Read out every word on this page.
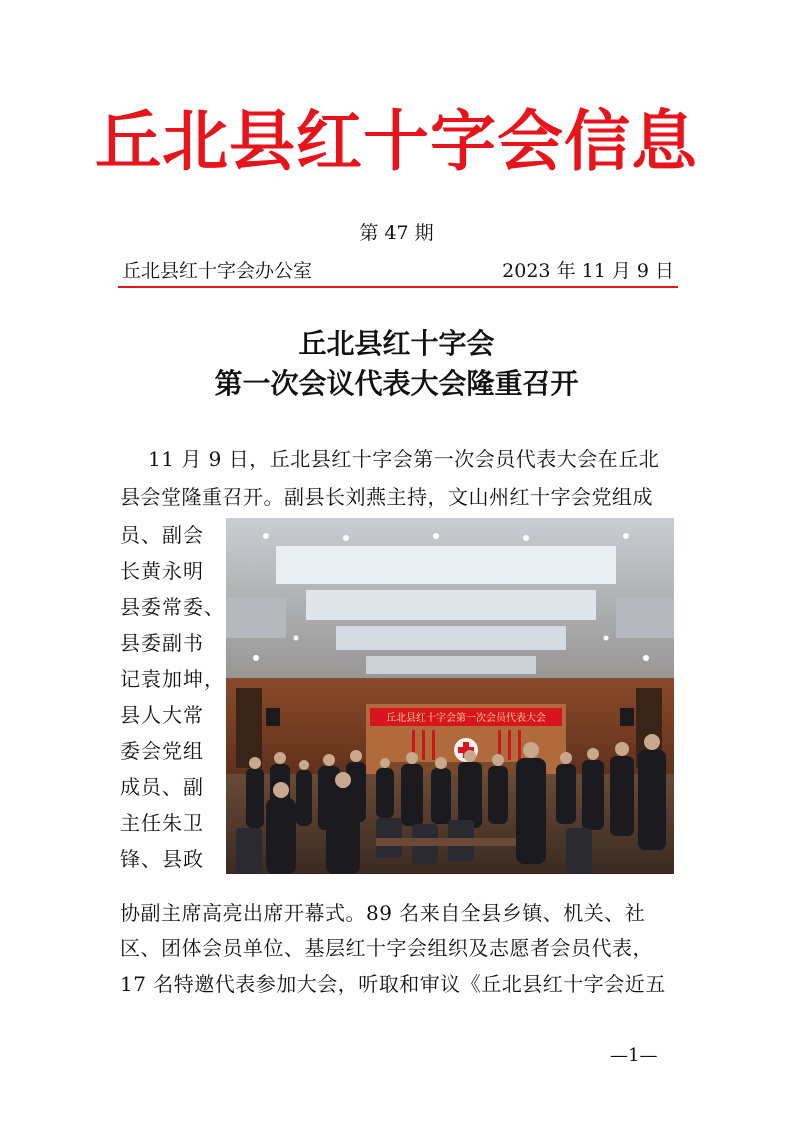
丘北县红十字会信息
第 47 期
丘北县红十字会办公室	2023 年 11 月 9 日
丘北县红十字会
第一次会议代表大会隆重召开
11 月 9 日，丘北县红十字会第一次会员代表大会在丘北
县会堂隆重召开。副县长刘燕主持，文山州红十字会党组成
员、副会
长黄永明
县委常委、
县委副书
记袁加坤，
县人大常
委会党组
成员、副
主任朱卫
锋、县政
丘北县红十字会第一次会员代表大会
协副主席高亮出席开幕式。89 名来自全县乡镇、机关、社
区、团体会员单位、基层红十字会组织及志愿者会员代表，
17 名特邀代表参加大会，听取和审议《丘北县红十字会近五
—1—
